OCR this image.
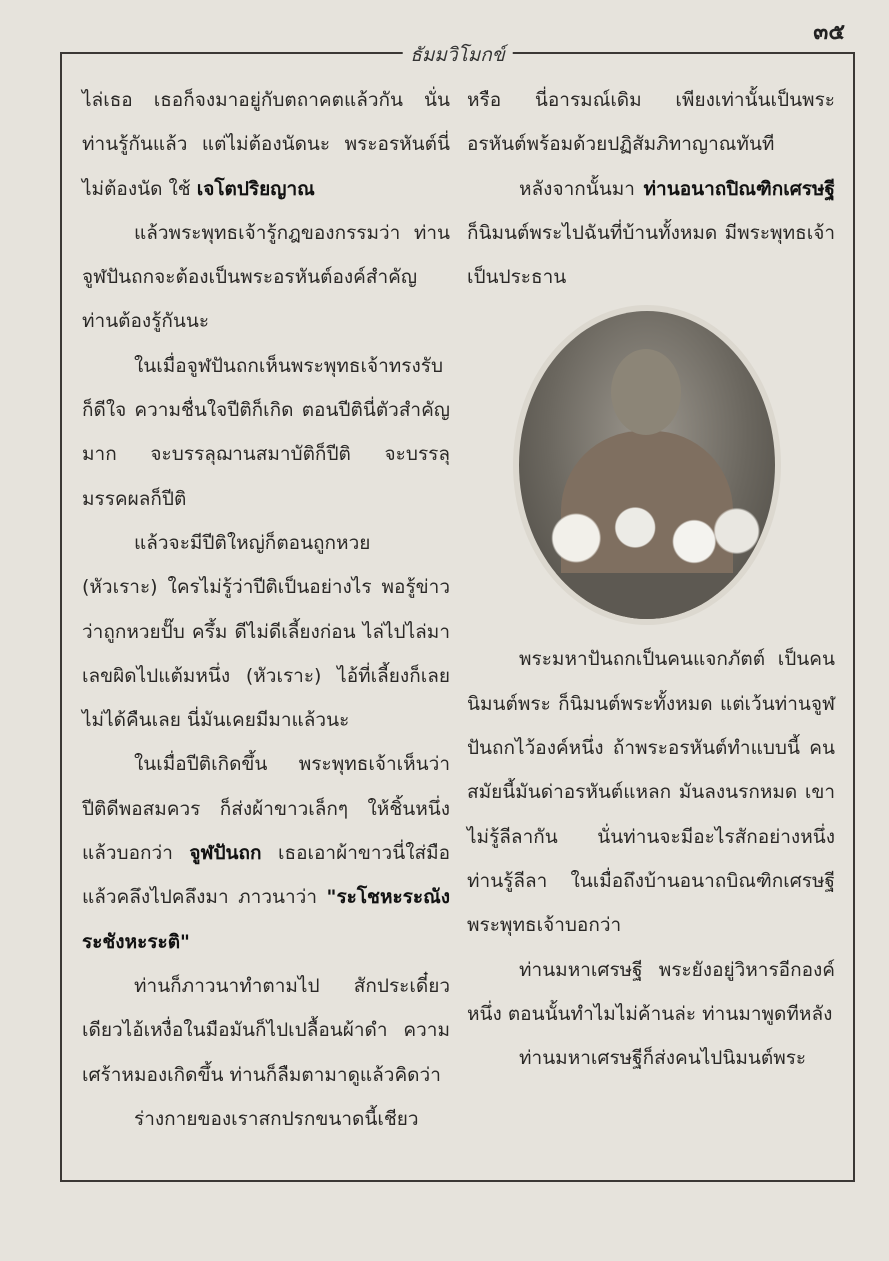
๓๕
ธัมมวิโมกข์

ไล่เธอ เธอก็จงมาอยู่กับตถาคตแล้วกัน นั่นท่านรู้กันแล้ว แต่ไม่ต้องนัดนะ พระอรหันต์นี่ไม่ต้องนัด ใช้ เจโตปริยญาณ

แล้วพระพุทธเจ้ารู้กฎของกรรมว่า ท่านจูฬปันถกจะต้องเป็นพระอรหันต์องค์สำคัญ ท่านต้องรู้กันนะ

ในเมื่อจูฬปันถกเห็นพระพุทธเจ้าทรงรับก็ดีใจ ความชื่นใจปีติก็เกิด ตอนปีตินี่ตัวสำคัญมาก จะบรรลุฌานสมาบัติก็ปีติ จะบรรลุมรรคผลก็ปีติ

แล้วจะมีปีติใหญ่ก็ตอนถูกหวย (หัวเราะ) ใครไม่รู้ว่าปีติเป็นอย่างไร พอรู้ข่าวว่าถูกหวยปั๊บ ครึ้ม ดีไม่ดีเลี้ยงก่อน ไล่ไปไล่มาเลขผิดไปแต้มหนึ่ง (หัวเราะ) ไอ้ที่เลี้ยงก็เลยไม่ได้คืนเลย นี่มันเคยมีมาแล้วนะ

ในเมื่อปีติเกิดขึ้น พระพุทธเจ้าเห็นว่า ปีติดีพอสมควร ก็ส่งผ้าขาวเล็กๆ ให้ชิ้นหนึ่ง แล้วบอกว่า จูฬปันถก เธอเอาผ้าขาวนี่ใส่มือ แล้วคลึงไปคลึงมา ภาวนาว่า "ระโชหะระณัง ระชังหะระติ"

ท่านก็ภาวนาทำตามไป สักประเดี๋ยวเดียวไอ้เหงื่อในมือมันก็ไปเปลื้อนผ้าดำ ความเศร้าหมองเกิดขึ้น ท่านก็ลืมตามาดูแล้วคิดว่า

ร่างกายของเราสกปรกขนาดนี้เชียว

หรือ นี่อารมณ์เดิม เพียงเท่านั้นเป็นพระอรหันต์พร้อมด้วยปฏิสัมภิทาญาณทันที

หลังจากนั้นมา ท่านอนาถปิณฑิกเศรษฐี ก็นิมนต์พระไปฉันที่บ้านทั้งหมด มีพระพุทธเจ้าเป็นประธาน

พระมหาปันถกเป็นคนแจกภัตต์ เป็นคนนิมนต์พระ ก็นิมนต์พระทั้งหมด แต่เว้นท่านจูฬปันถกไว้องค์หนึ่ง ถ้าพระอรหันต์ทำแบบนี้ คนสมัยนี้มันด่าอรหันต์แหลก มันลงนรกหมด เขาไม่รู้ลีลากัน นั่นท่านจะมีอะไรสักอย่างหนึ่ง ท่านรู้ลีลา ในเมื่อถึงบ้านอนาถบิณฑิกเศรษฐี พระพุทธเจ้าบอกว่า

ท่านมหาเศรษฐี พระยังอยู่วิหารอีกองค์หนึ่ง ตอนนั้นทำไมไม่ค้านล่ะ ท่านมาพูดทีหลัง

ท่านมหาเศรษฐีก็ส่งคนไปนิมนต์พระ
